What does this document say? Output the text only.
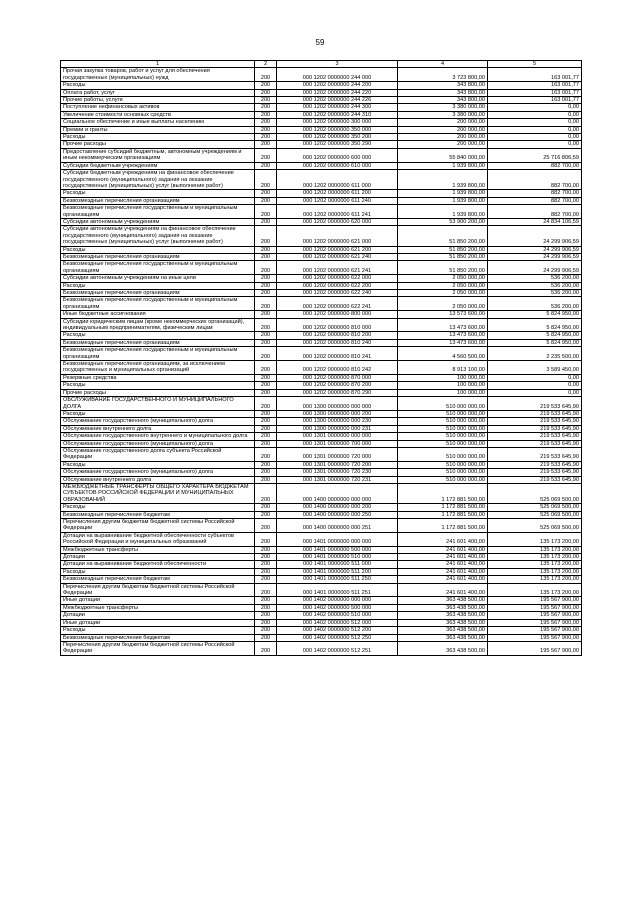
59
1	2	3	4	5
Прочая закупка товаров, работ и услуг для обеспечения государственных (муниципальных) нужд	200	000 1202 0000000 244 000	3 723 800,00	163 001,77
Расходы	200	000 1202 0000000 244 200	343 800,00	163 001,77
Оплата работ, услуг	200	000 1202 0000000 244 220	343 800,00	163 001,77
Прочие работы, услуги	200	000 1202 0000000 244 226	343 800,00	163 001,77
Поступление нефинансовых активов	200	000 1202 0000000 244 300	3 380 000,00	0,00
Увеличение стоимости основных средств	200	000 1202 0000000 244 310	3 380 000,00	0,00
Социальное обеспечение и иные выплаты населению	200	000 1202 0000000 300 000	200 000,00	0,00
Премии и гранты	200	000 1202 0000000 350 000	200 000,00	0,00
Расходы	200	000 1202 0000000 350 200	200 000,00	0,00
Прочие расходы	200	000 1202 0000000 350 290	200 000,00	0,00
Предоставление субсидий бюджетным, автономным учреждениям и иным некоммерческим организациям	200	000 1202 0000000 600 000	55 840 000,00	25 716 806,59
Субсидии бюджетным учреждениям	200	000 1202 0000000 610 000	1 939 800,00	882 700,00
Субсидии бюджетным учреждениям на финансовое обеспечение государственного (муниципального) задания на оказание государственных (муниципальных) услуг (выполнение работ)	200	000 1202 0000000 611 000	1 939 800,00	882 700,00
Расходы	200	000 1202 0000000 611 200	1 939 800,00	882 700,00
Безвозмездные перечисления организациям	200	000 1202 0000000 611 240	1 939 800,00	882 700,00
Безвозмездные перечисления государственным и муниципальным организациям	200	000 1202 0000000 611 241	1 939 800,00	882 700,00
Субсидии автономным учреждениям	200	000 1202 0000000 620 000	53 900 200,00	24 834 106,59
Субсидии автономным учреждениям на финансовое обеспечение государственного (муниципального) задания на оказание государственных (муниципальных) услуг (выполнение работ)	200	000 1202 0000000 621 000	51 850 200,00	24 299 906,59
Расходы	200	000 1202 0000000 621 200	51 850 200,00	24 299 906,59
Безвозмездные перечисления организациям	200	000 1202 0000000 621 240	51 850 200,00	24 299 906,59
Безвозмездные перечисления государственным и муниципальным организациям	200	000 1202 0000000 621 241	51 850 200,00	24 299 906,59
Субсидии автономным учреждениям на иные цели	200	000 1202 0000000 622 000	2 050 000,00	536 200,00
Расходы	200	000 1202 0000000 622 200	2 050 000,00	536 200,00
Безвозмездные перечисления организациям	200	000 1202 0000000 622 240	2 050 000,00	536 200,00
Безвозмездные перечисления государственным и муниципальным организациям	200	000 1202 0000000 622 241	2 050 000,00	536 200,00
Иные бюджетные ассигнования	200	000 1202 0000000 800 000	13 573 600,00	5 824 950,00
Субсидии юридическим лицам (кроме некоммерческих организаций), индивидуальным предпринимателям, физическим лицам	200	000 1202 0000000 810 000	13 473 600,00	5 824 950,00
Расходы	200	000 1202 0000000 810 200	13 473 600,00	5 824 950,00
Безвозмездные перечисления организациям	200	000 1202 0000000 810 240	13 473 600,00	5 824 950,00
Безвозмездные перечисления государственным и муниципальным организациям	200	000 1202 0000000 810 241	4 560 500,00	2 235 500,00
Безвозмездные перечисления организациям, за исключением государственных и муниципальных организаций	200	000 1202 0000000 810 242	8 913 100,00	3 589 450,00
Резервные средства	200	000 1202 0000000 870 000	100 000,00	0,00
Расходы	200	000 1202 0000000 870 200	100 000,00	0,00
Прочие расходы	200	000 1202 0000000 870 290	100 000,00	0,00
ОБСЛУЖИВАНИЕ ГОСУДАРСТВЕННОГО И МУНИЦИПАЛЬНОГО ДОЛГА	200	000 1300 0000000 000 000	510 000 000,00	219 533 645,90
Расходы	200	000 1300 0000000 000 200	510 000 000,00	219 533 645,90
Обслуживание государственного (муниципального) долга	200	000 1300 0000000 000 230	510 000 000,00	219 533 645,90
Обслуживание внутреннего долга	200	000 1300 0000000 000 231	510 000 000,00	219 533 645,90
Обслуживание государственного внутреннего и муниципального долга	200	000 1301 0000000 000 000	510 000 000,00	219 533 645,90
Обслуживание государственного (муниципального) долга	200	000 1301 0000000 700 000	510 000 000,00	219 533 645,90
Обслуживание государственного долга субъекта Российской Федерации	200	000 1301 0000000 720 000	510 000 000,00	219 533 645,90
Расходы	200	000 1301 0000000 720 200	510 000 000,00	219 533 645,90
Обслуживание государственного (муниципального) долга	200	000 1301 0000000 720 230	510 000 000,00	219 533 645,90
Обслуживание внутреннего долга	200	000 1301 0000000 720 231	510 000 000,00	219 533 645,90
МЕЖБЮДЖЕТНЫЕ ТРАНСФЕРТЫ ОБЩЕГО ХАРАКТЕРА БЮДЖЕТАМ СУБЪЕКТОВ РОССИЙСКОЙ ФЕДЕРАЦИИ И МУНИЦИПАЛЬНЫХ ОБРАЗОВАНИЙ	200	000 1400 0000000 000 000	1 172 881 500,00	525 069 500,00
Расходы	200	000 1400 0000000 000 200	1 172 881 500,00	525 069 500,00
Безвозмездные перечисления бюджетам	200	000 1400 0000000 000 250	1 172 881 500,00	525 069 500,00
Перечисления другим бюджетам бюджетной системы Российской Федерации	200	000 1400 0000000 000 251	1 172 881 500,00	525 069 500,00
Дотации на выравнивание бюджетной обеспеченности субъектов Российской Федерации и муниципальных образований	200	000 1401 0000000 000 000	241 601 400,00	135 173 200,00
Межбюджетные трансферты	200	000 1401 0000000 500 000	241 601 400,00	135 173 200,00
Дотации	200	000 1401 0000000 510 000	241 601 400,00	135 173 200,00
Дотации на выравнивание бюджетной обеспеченности	200	000 1401 0000000 511 000	241 601 400,00	135 173 200,00
Расходы	200	000 1401 0000000 511 200	241 601 400,00	135 173 200,00
Безвозмездные перечисления бюджетам	200	000 1401 0000000 511 250	241 601 400,00	135 173 200,00
Перечисления другим бюджетам бюджетной системы Российской Федерации	200	000 1401 0000000 511 251	241 601 400,00	135 173 200,00
Иные дотации	200	000 1402 0000000 000 000	363 438 500,00	195 567 900,00
Межбюджетные трансферты	200	000 1402 0000000 500 000	363 438 500,00	195 567 900,00
Дотации	200	000 1402 0000000 510 000	363 438 500,00	195 567 900,00
Иные дотации	200	000 1402 0000000 512 000	363 438 500,00	195 567 900,00
Расходы	200	000 1402 0000000 512 200	363 438 500,00	195 567 900,00
Безвозмездные перечисления бюджетам	200	000 1402 0000000 512 250	363 438 500,00	195 567 900,00
Перечисления другим бюджетам бюджетной системы Российской Федерации	200	000 1402 0000000 512 251	363 438 500,00	195 567 900,00
